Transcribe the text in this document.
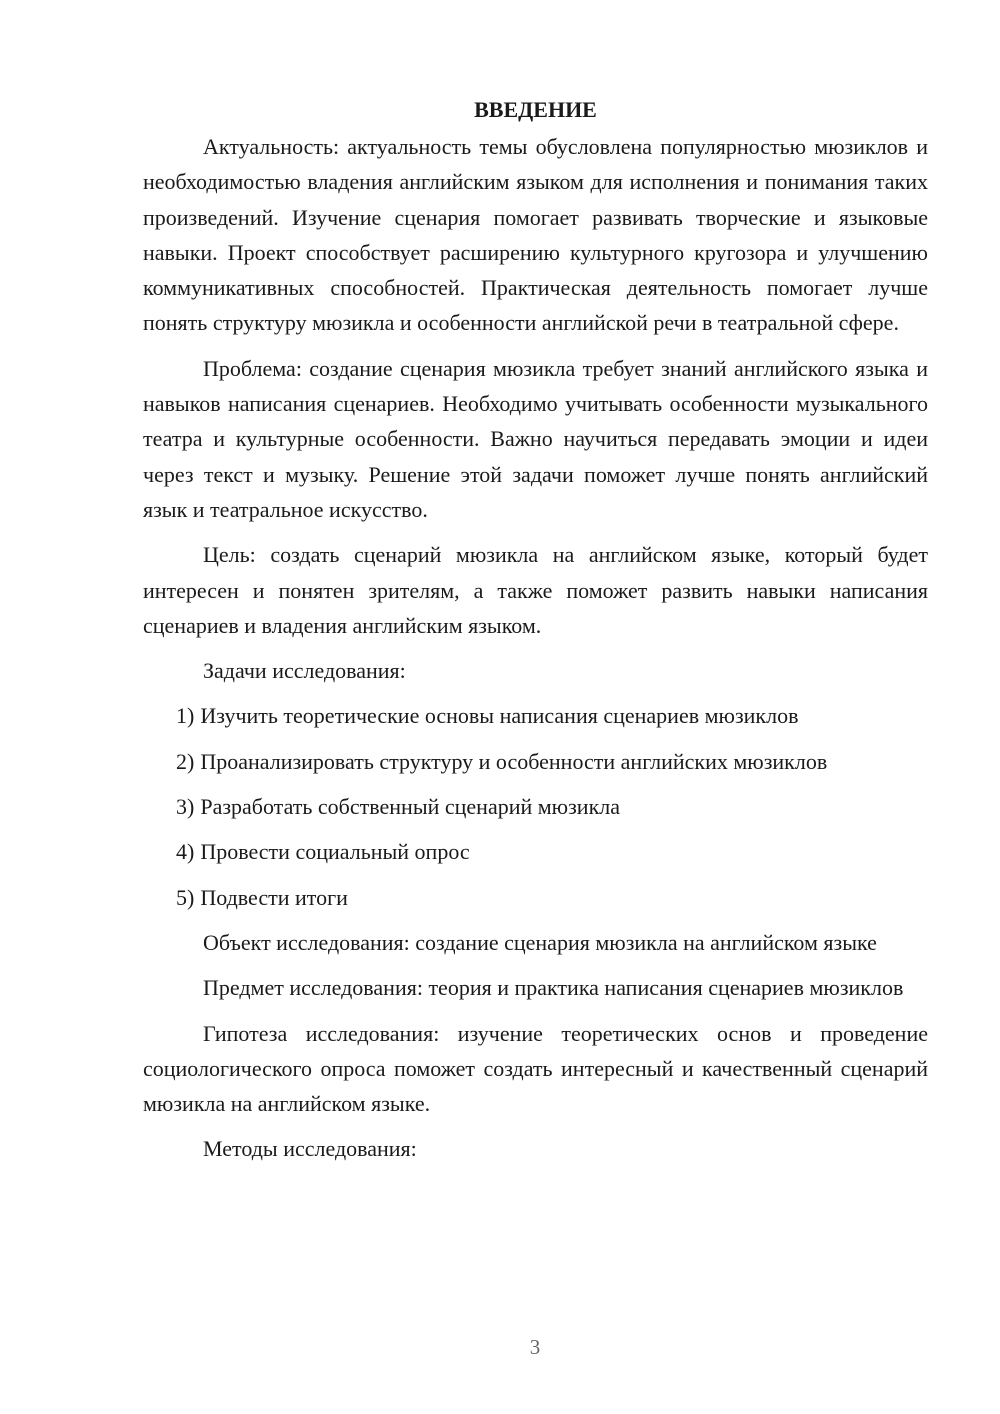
ВВЕДЕНИЕ

Актуальность: актуальность темы обусловлена популярностью мюзиклов и необходимостью владения английским языком для исполнения и понимания таких произведений. Изучение сценария помогает развивать творческие и языковые навыки. Проект способствует расширению культурного кругозора и улучшению коммуникативных способностей. Практическая деятельность помогает лучше понять структуру мюзикла и особенности английской речи в театральной сфере.

Проблема: создание сценария мюзикла требует знаний английского языка и навыков написания сценариев. Необходимо учитывать особенности музыкального театра и культурные особенности. Важно научиться передавать эмоции и идеи через текст и музыку. Решение этой задачи поможет лучше понять английский язык и театральное искусство.

Цель: создать сценарий мюзикла на английском языке, который будет интересен и понятен зрителям, а также поможет развить навыки написания сценариев и владения английским языком.

Задачи исследования:

1) Изучить теоретические основы написания сценариев мюзиклов
2) Проанализировать структуру и особенности английских мюзиклов
3) Разработать собственный сценарий мюзикла
4) Провести социальный опрос
5) Подвести итоги

Объект исследования: создание сценария мюзикла на английском языке

Предмет исследования: теория и практика написания сценариев мюзиклов

Гипотеза исследования: изучение теоретических основ и проведение социологического опроса поможет создать интересный и качественный сценарий мюзикла на английском языке.

Методы исследования:

3
